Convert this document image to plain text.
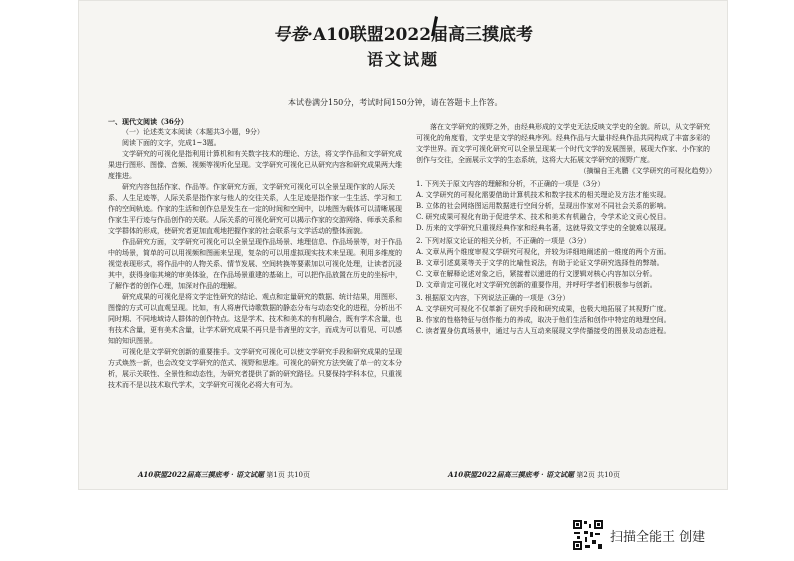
号卷·A10联盟2022届高三摸底考
语文试题
本试卷满分150分，考试时间150分钟，请在答题卡上作答。

一、现代文阅读（36分）

（一）论述类文本阅读（本题共3小题，9分）

阅读下面的文字，完成1~3题。

文学研究的可视化是指利用计算机和有关数字技术的理论、方法，将文学作品和文学研究成果进行图形、图像、音频、视频等视听化呈现。文学研究可视化已从研究内容和研究成果两大维度推进。

研究内容包括作家、作品等。作家研究方面，文学研究可视化可以全景呈现作家的人际关系、人生足迹等，人际关系是指作家与他人的交往关系，人生足迹是指作家一生生活、学习和工作的空间轨迹。作家的生活和创作总是发生在一定的时间和空间中，以地图为载体可以清晰展现作家生平行迹与作品创作的关联。人际关系的可视化研究可以揭示作家的交游网络、师承关系和文学群体的形成，使研究者更加直观地把握作家的社会联系与文学活动的整体面貌。

作品研究方面，文学研究可视化可以全景呈现作品场景、地理信息、作品场景等，对于作品中的场景，简单的可以用视频和图画来呈现，复杂的可以用虚拟现实技术来呈现。利用多维度的视觉表现形式，将作品中的人物关系、情节发展、空间转换等要素加以可视化处理，让读者沉浸其中，获得身临其境的审美体验，在作品场景重建的基础上，可以把作品放置在历史的坐标中，了解作者的创作心理，加深对作品的理解。

研究成果的可视化是将文学定性研究的结论、观点和定量研究的数据、统计结果，用图形、图像的方式可以直观呈现。比如，有人将唐代诗歌数据的静态分布与动态变化的进程，分析出不同时期、不同地域诗人群体的创作特点。这是学术、技术和美术的有机融合，既有学术含量，也有技术含量，更有美术含量，让学术研究成果不再只是书斋里的文字，而成为可以看见、可以感知的知识图景。

可视化是文学研究创新的重要推手。文学研究可视化可以使文学研究手段和研究成果的呈现方式焕然一新，也会改变文学研究的范式、视野和思维。可视化的研究方法突破了单一的文本分析，展示关联性、全景性和动态性，为研究者提供了新的研究路径。只要保持学科本位，只重视技术而不是以技术取代学术，文学研究可视化必将大有可为。

落在文学研究的视野之外，由经典形成的文学史无法反映文学史的全貌。所以，从文学研究可视化的角度看，文学史是文学的经典序列。经典作品与大量非经典作品共同构成了丰富多彩的文学世界。而文学可视化研究可以全景呈现某一个时代文学的发展图景，展现大作家、小作家的创作与交往，全面展示文学的生态系统，这将大大拓展文学研究的视野广度。

（摘编自王兆鹏《文学研究的可视化趋势》）

1. 下列关于原文内容的理解和分析，不正确的一项是（3分）

A. 文学研究的可视化需要借助计算机技术和数字技术的相关理论及方法才能实现。

B. 立体的社会网络图运用数据进行空间分析，呈现出作家对不同社会关系的影响。

C. 研究成果可视化有助于促进学术、技术和美术有机融合，令学术论文贡心悦目。

D. 历来的文学研究只重视经典作家和经典名著，这就导致文学史的全貌难以展现。

2. 下列对原文论证的相关分析，不正确的一项是（3分）

A. 文章从两个维度审视文学研究可视化，并较为详细地阐述前一维度的两个方面。

B. 文章引述莫莱等关于文学的比喻性说法，有助于论证文学研究选择性的弊端。

C. 文章在解释论述对象之后，紧接着以递进的行文逻辑对核心内容加以分析。

D. 文章肯定可视化对文学研究创新的重要作用，并呼吁学者们积极参与创新。

3. 根据原文内容，下列说法正确的一项是（3分）

A. 文学研究可视化不仅革新了研究手段和研究成果，也极大地拓展了其视野广度。

B. 作家的性格特征与创作能力的养成，取决于他们生活和创作中特定的地理空间。

C. 读者置身仿真场景中，通过与古人互动来展现文学传播接受的图景及动态进程。

A10联盟2022届高三摸底考 · 语文试题 第1页 共10页	A10联盟2022届高三摸底考 · 语文试题 第2页 共10页
扫描全能王 创建
